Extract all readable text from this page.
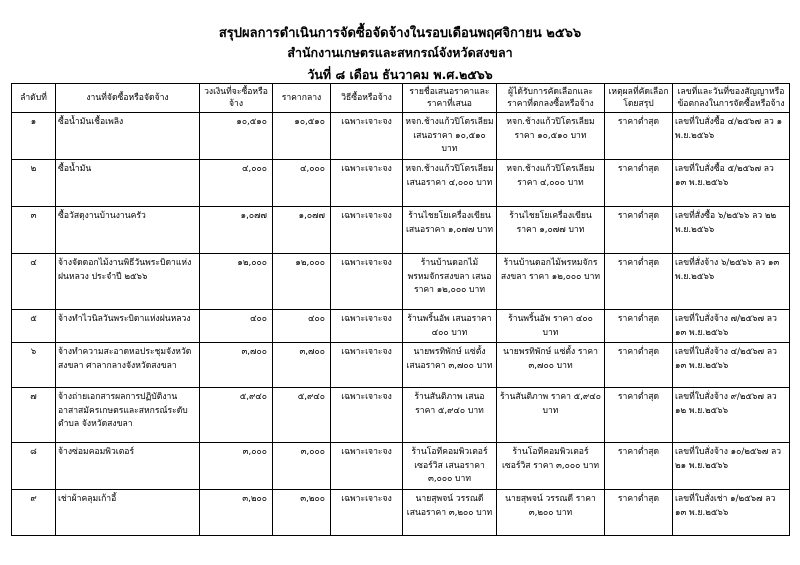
สรุปผลการดำเนินการจัดซื้อจัดจ้างในรอบเดือนพฤศจิกายน ๒๕๖๖
สำนักงานเกษตรและสหกรณ์จังหวัดสงขลา
วันที่ ๘ เดือน ธันวาคม พ.ศ.๒๕๖๖
ลำดับที่	งานที่จัดซื้อหรือจัดจ้าง	วงเงินที่จะซื้อหรือจ้าง	ราคากลาง	วิธีซื้อหรือจ้าง	รายชื่อเสนอราคาและราคาที่เสนอ	ผู้ได้รับการคัดเลือกและราคาที่ตกลงซื้อหรือจ้าง	เหตุผลที่คัดเลือกโดยสรุป	เลขที่และวันที่ของสัญญาหรือข้อตกลงในการจัดซื้อหรือจ้าง
๑	ซื้อน้ำมันเชื้อเพลิง	๑๐,๕๑๐	๑๐,๕๑๐	เฉพาะเจาะจง	หจก.ช้างแก้วปิโตรเลียม เสนอราคา ๑๐,๕๑๐ บาท	หจก.ช้างแก้วปิโตรเลียม ราคา ๑๐,๕๑๐ บาท	ราคาต่ำสุด	เลขที่ใบสั่งซื้อ ๔/๒๕๖๗ ลว ๑ พ.ย.๒๕๖๖
๒	ซื้อน้ำมัน	๔,๐๐๐	๔,๐๐๐	เฉพาะเจาะจง	หจก.ช้างแก้วปิโตรเลียม เสนอราคา ๔,๐๐๐ บาท	หจก.ช้างแก้วปิโตรเลียม ราคา ๔,๐๐๐ บาท	ราคาต่ำสุด	เลขที่ใบสั่งซื้อ ๕/๒๕๖๗ ลว ๑๓ พ.ย.๒๕๖๖
๓	ซื้อวัสดุงานบ้านงานครัว	๑,๐๗๗	๑,๐๗๗	เฉพาะเจาะจง	ร้านไชยโยเครื่องเขียน เสนอราคา ๑,๐๗๗ บาท	ร้านไชยโยเครื่องเขียน ราคา ๑,๐๗๗ บาท	ราคาต่ำสุด	เลขที่สั่งซื้อ ๖/๒๕๖๖ ลว ๒๒ พ.ย.๒๕๖๖
๔	จ้างจัดดอกไม้งานพิธีวันพระบิดาแห่งฝนหลวง ประจำปี ๒๕๖๖	๑๒,๐๐๐	๑๒,๐๐๐	เฉพาะเจาะจง	ร้านบ้านดอกไม้พรหมจักรสงขลา เสนอราคา ๑๒,๐๐๐ บาท	ร้านบ้านดอกไม้พรหมจักรสงขลา ราคา ๑๒,๐๐๐ บาท	ราคาต่ำสุด	เลขที่สั่งจ้าง ๖/๒๕๖๖ ลว ๑๓ พ.ย.๒๕๖๖
๕	จ้างทำไวนิลวันพระบิดาแห่งฝนหลวง	๔๐๐	๔๐๐	เฉพาะเจาะจง	ร้านพริ้นอัพ เสนอราคา ๔๐๐ บาท	ร้านพริ้นอัพ ราคา ๔๐๐ บาท	ราคาต่ำสุด	เลขที่ใบสั่งจ้าง ๗/๒๕๖๗ ลว ๑๓ พ.ย.๒๕๖๖
๖	จ้างทำความสะอาดหอประชุมจังหวัดสงขลา ศาลากลางจังหวัดสงขลา	๓,๗๐๐	๓,๗๐๐	เฉพาะเจาะจง	นายพรทิพักษ์ แซ่ตั้ง เสนอราคา ๓,๗๐๐ บาท	นายพรทิพักษ์ แซ่ตั้ง ราคา ๓,๗๐๐ บาท	ราคาต่ำสุด	เลขที่ใบสั่งจ้าง ๔/๒๕๖๗ ลว ๑๓ พ.ย.๒๕๖๖
๗	จ้างถ่ายเอกสารผลการปฏิบัติงานอาสาสมัครเกษตรและสหกรณ์ระดับตำบล จังหวัดสงขลา	๕,๙๔๐	๕,๙๔๐	เฉพาะเจาะจง	ร้านสันติภาพ เสนอราคา ๕,๙๔๐ บาท	ร้านสันติภาพ ราคา ๕,๙๔๐ บาท	ราคาต่ำสุด	เลขที่ใบสั่งจ้าง ๙/๒๕๖๗ ลว ๑๒ พ.ย.๒๕๖๖
๘	จ้างซ่อมคอมพิวเตอร์	๓,๐๐๐	๓,๐๐๐	เฉพาะเจาะจง	ร้านโอทีคอมพิวเตอร์ เซอร์วิส เสนอราคา ๓,๐๐๐ บาท	ร้านโอทีคอมพิวเตอร์ เซอร์วิส ราคา ๓,๐๐๐ บาท	ราคาต่ำสุด	เลขที่ใบสั่งจ้าง ๑๐/๒๕๖๗ ลว ๒๑ พ.ย.๒๕๖๖
๙	เช่าผ้าคลุมเก้าอี้	๓,๒๐๐	๓,๒๐๐	เฉพาะเจาะจง	นายสุพจน์ วรรณดี เสนอราคา ๓,๒๐๐ บาท	นายสุพจน์ วรรณดี ราคา ๓,๒๐๐ บาท	ราคาต่ำสุด	เลขที่ใบสั่งเช่า ๑/๒๕๖๗ ลว ๑๓ พ.ย.๒๕๖๖
